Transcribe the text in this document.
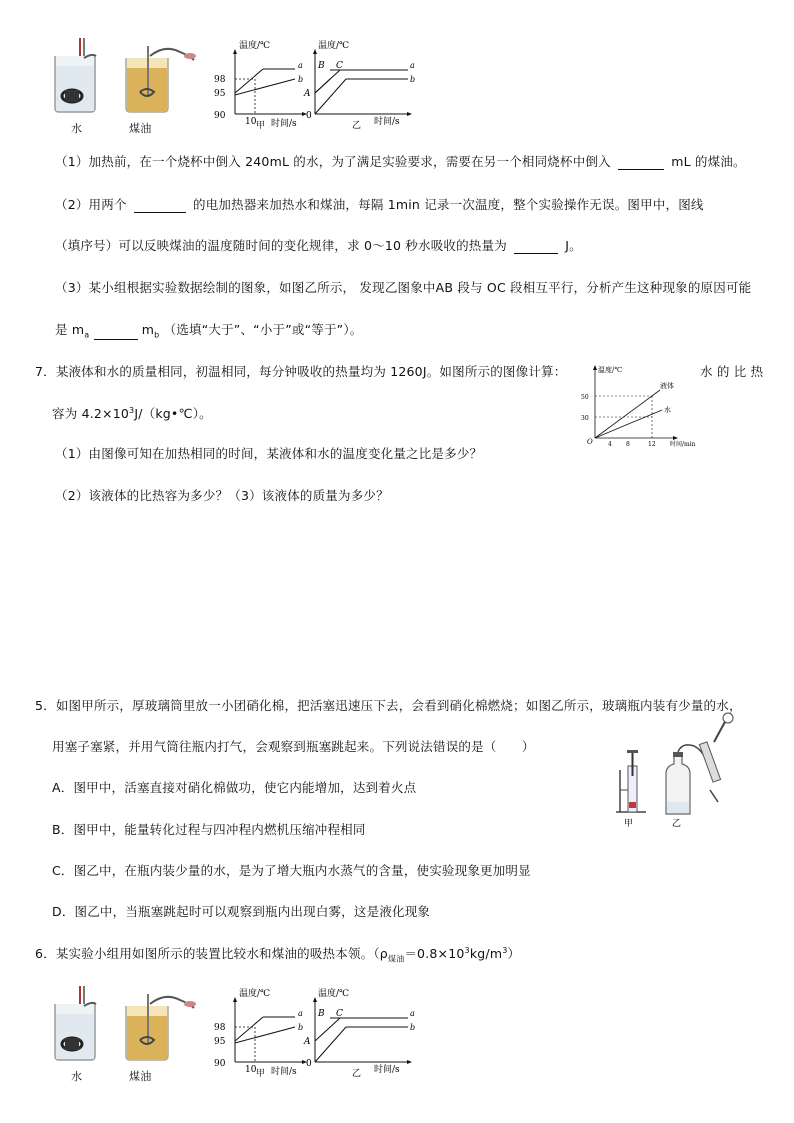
水	煤油
温度/℃
98
95
90
10 甲 时间/s
a
b
温度/℃
B C
A
0
a
b
乙 时间/s
（1）加热前，在一个烧杯中倒入 240mL 的水，为了满足实验要求，需要在另一个相同烧杯中倒入	mL 的煤油。
（2）用两个	的电加热器来加热水和煤油，每隔 1min 记录一次温度，整个实验操作无误。图甲中，图线
（填序号）可以反映煤油的温度随时间的变化规律，求 0～10 秒水吸收的热量为	J。
（3）某小组根据实验数据绘制的图象，如图乙所示， 发现乙图象中AB 段与 OC 段相互平行，分析产生这种现象的原因可能
是 $m_a$	$m_b$ （选填“大于”、“小于”或“等于”）。
7．某液体和水的质量相同，初温相同，每分钟吸收的热量均为 1260J。如图所示的图像计算：	水 的 比 热
容为 $4.2\times 10^3J/(kg•℃)$。
（1）由图像可知在加热相同的时间，某液体和水的温度变化量之比是多少？
（2）该液体的比热容为多少？（3）该液体的质量为多少？
温度/℃
50
30
O	4 8	12 时间/min
液体
水
5．如图甲所示，厚玻璃筒里放一小团硝化棉，把活塞迅速压下去，会看到硝化棉燃烧；如图乙所示，玻璃瓶内装有少量的水，
用塞子塞紧，并用气筒往瓶内打气，会观察到瓶塞跳起来。下列说法错误的是（　　）
A．图甲中，活塞直接对硝化棉做功，使它内能增加，达到着火点
B．图甲中，能量转化过程与四冲程内燃机压缩冲程相同
C．图乙中，在瓶内装少量的水，是为了增大瓶内水蒸气的含量，使实验现象更加明显
D．图乙中，当瓶塞跳起时可以观察到瓶内出现白雾，这是液化现象
甲	乙
6．某实验小组用如图所示的装置比较水和煤油的吸热本领。$(\rho_{煤油}=0.8\times 10^3kg/m^3)$
水	煤油
温度/℃
98
95
90
10 甲 时间/s
a
b
温度/℃
B C
A
0
a
b
乙 时间/s
